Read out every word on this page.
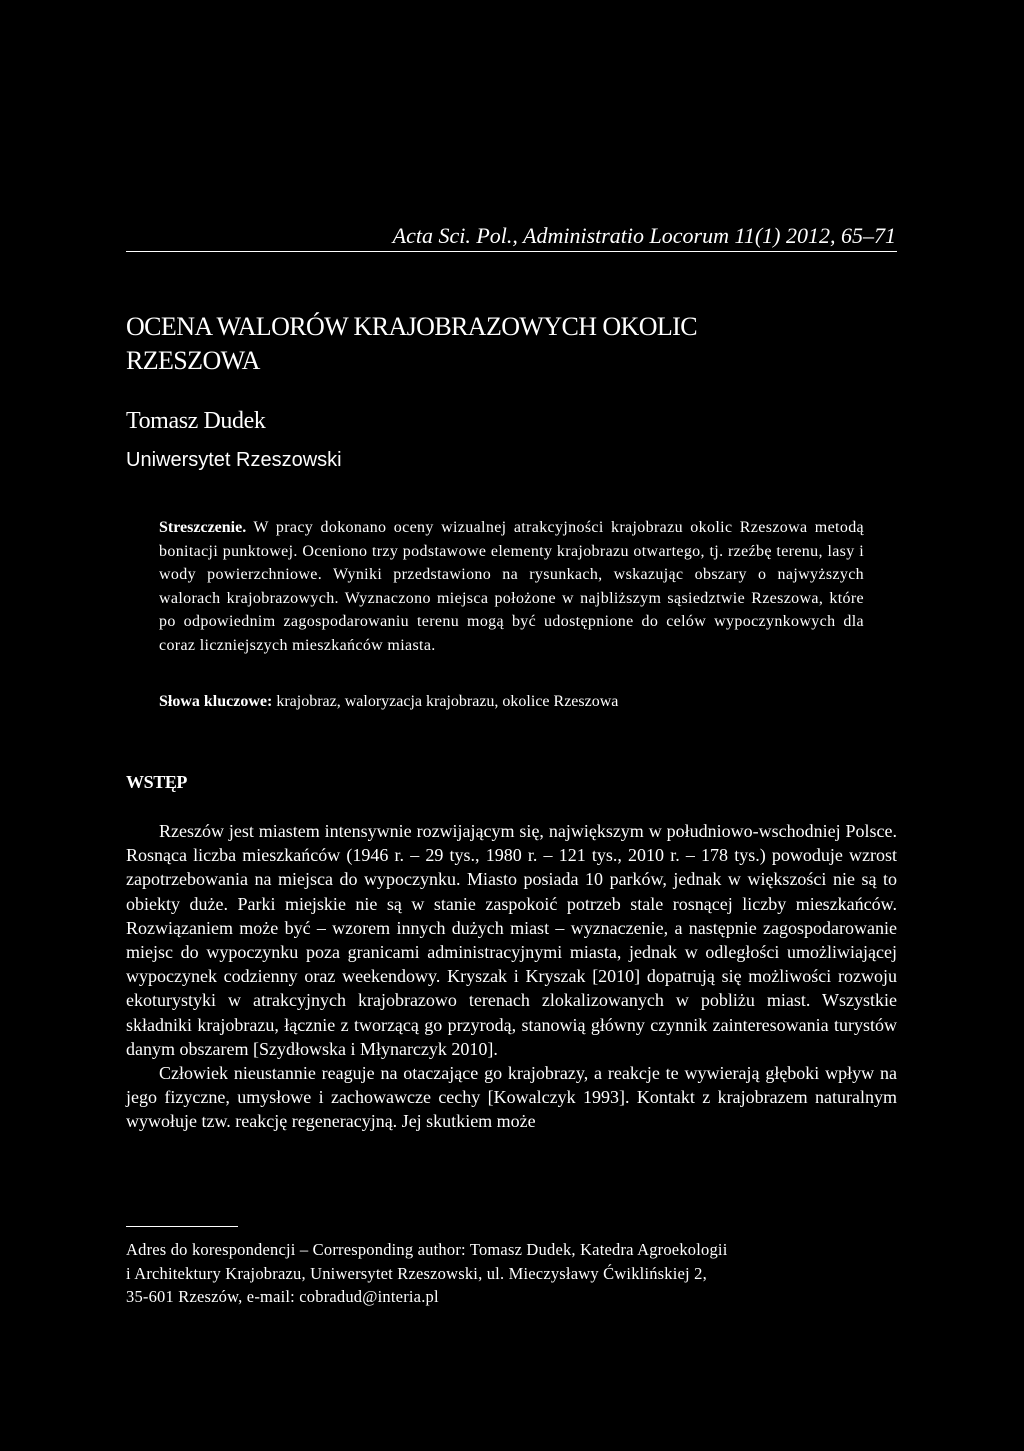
Acta Sci. Pol., Administratio Locorum 11(1) 2012, 65–71
OCENA WALORÓW KRAJOBRAZOWYCH OKOLIC RZESZOWA
Tomasz Dudek
Uniwersytet Rzeszowski
Streszczenie. W pracy dokonano oceny wizualnej atrakcyjności krajobrazu okolic Rzeszowa metodą bonitacji punktowej. Oceniono trzy podstawowe elementy krajobrazu otwartego, tj. rzeźbę terenu, lasy i wody powierzchniowe. Wyniki przedstawiono na rysunkach, wskazując obszary o najwyższych walorach krajobrazowych. Wyznaczono miejsca położone w najbliższym sąsiedztwie Rzeszowa, które po odpowiednim zagospodarowaniu terenu mogą być udostępnione do celów wypoczynkowych dla coraz liczniejszych mieszkańców miasta.
Słowa kluczowe: krajobraz, waloryzacja krajobrazu, okolice Rzeszowa
WSTĘP

Rzeszów jest miastem intensywnie rozwijającym się, największym w południowo-wschodniej Polsce. Rosnąca liczba mieszkańców (1946 r. – 29 tys., 1980 r. – 121 tys., 2010 r. – 178 tys.) powoduje wzrost zapotrzebowania na miejsca do wypoczynku. Miasto posiada 10 parków, jednak w większości nie są to obiekty duże. Parki miejskie nie są w stanie zaspokoić potrzeb stale rosnącej liczby mieszkańców. Rozwiązaniem może być – wzorem innych dużych miast – wyznaczenie, a następnie zagospodarowanie miejsc do wypoczynku poza granicami administracyjnymi miasta, jednak w odległości umożliwiającej wypoczynek codzienny oraz weekendowy. Kryszak i Kryszak [2010] dopatrują się możliwości rozwoju ekoturystyki w atrakcyjnych krajobrazowo terenach zlokalizowanych w pobliżu miast. Wszystkie składniki krajobrazu, łącznie z tworzącą go przyrodą, stanowią główny czynnik zainteresowania turystów danym obszarem [Szydłowska i Młynarczyk 2010].

Człowiek nieustannie reaguje na otaczające go krajobrazy, a reakcje te wywierają głęboki wpływ na jego fizyczne, umysłowe i zachowawcze cechy [Kowalczyk 1993]. Kontakt z krajobrazem naturalnym wywołuje tzw. reakcję regeneracyjną. Jej skutkiem może

Adres do korespondencji – Corresponding author: Tomasz Dudek, Katedra Agroekologii
i Architektury Krajobrazu, Uniwersytet Rzeszowski, ul. Mieczysławy Ćwiklińskiej 2,
35-601 Rzeszów, e-mail: cobradud@interia.pl
